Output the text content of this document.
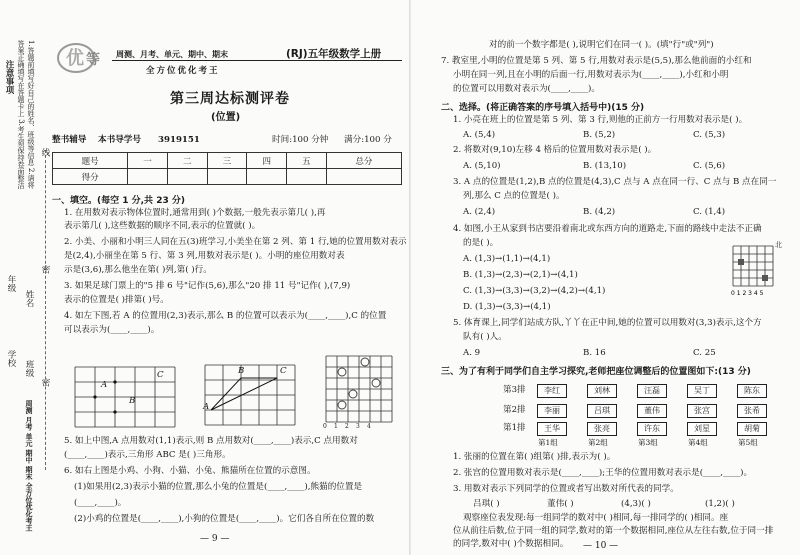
注意事项	1.答题前填写好自己的姓名、班级等信息 2.请将答案正确填写在答题卡上 3.考生须保持卷面整洁
年级
姓名
学校
班级
周测 月考 单元 期中 期末 全方位优化考王
线
密
密
优 等 周测、月考、单元、期中、期末
全方位优化考王
(RJ)五年级数学上册
第三周达标测评卷
(位置)
整书辅导 本书导学号 3919151	时间:100 分钟 满分:100 分
题号	一	二	三	四	五	总分
得分						
一、填空。(每空 1 分,共 23 分)
1. 在用数对表示物体位置时,通常用到( )个数据,一般先表示第几( ),再
表示第几( ),这些数据的顺序不同,表示的位置就( )。
2. 小美、小丽和小明三人同在五(3)班学习,小美坐在第 2 列、第 1 行,她的位置用数对表示
是(2,4),小丽坐在第 5 行、第 3 列,用数对表示是( )。小明的座位用数对表
示是(3,6),那么他坐在第( )列,第( )行。
3. 如果足球门票上的"5 排 6 号"记作(5,6),那么"20 排 11 号"记作( ),(7,9)
表示的位置是( )排第( )号。
4. 如左下图,若 A 的位置用(2,3)表示,那么 B 的位置可以表示为(____,____),C 的位置
可以表示为(____,____)。
A
B
C
A
B	C
0 1 2 3 4
5. 如上中图,A 点用数对(1,1)表示,则 B 点用数对(____,____)表示,C 点用数对
(____,____)表示,三角形 ABC 是( )三角形。
6. 如右上图是小鸡、小狗、小猫、小兔、熊猫所在位置的示意图。
(1)如果用(2,3)表示小猫的位置,那么小兔的位置是(____,____),熊猫的位置是
(____,____)。
(2)小鸡的位置是(____,____),小狗的位置是(____,____)。它们各自所在位置的数
— 9 —
对的前一个数字都是( ),说明它们在同一( )。(填"行"或"列")
7. 教室里,小明的位置是第 5 列、第 5 行,用数对表示是(5,5),那么他前面的小红和
小明在同一列,且在小明的后面一行,用数对表示为(____,____),小红和小明
的位置可以用数对表示为(____,____)。
二、选择。(将正确答案的序号填入括号中)(15 分)
1. 小亮在班上的位置是第 5 列、第 3 行,则他的正前方一行用数对表示是( )。
A. (5,4)	B. (5,2)	C. (5,3)
2. 将数对(9,10)左移 4 格后的位置用数对表示是( )。
A. (5,10)	B. (13,10)	C. (5,6)
3. A 点的位置是(1,2),B 点的位置是(4,3),C 点与 A 点在同一行、C 点与 B 点在同一
列,那么 C 点的位置是( )。
A. (2,4)	B. (4,2)	C. (1,4)
4. 如图,小王从家到书店要沿着南北或东西方向的道路走,下面的路线中走法不正确
的是( )。
A. (1,3)→(1,1)→(4,1)
B. (1,3)→(2,3)→(2,1)→(4,1)
C. (1,3)→(3,3)→(3,2)→(4,2)→(4,1)
D. (1,3)→(3,3)→(4,1)
0 1 2 3 4 5
北
5. 体育课上,同学们站成方队,丫丫在正中间,她的位置可以用数对(3,3)表示,这个方
队有( )人。
A. 9	B. 16	C. 25
三、为了有利于同学们自主学习探究,老师把座位调整后的位置图如下:(13 分)
第3排	李红	刘林	汪磊	吴丁	陈东
第2排	李丽	吕琪	董伟	张宫	张希
第1排	王华	张亮	许东	刘星	胡菊
第1组	第2组	第3组	第4组	第5组
1. 张丽的位置在第( )组第( )排,表示为( )。
2. 张宫的位置用数对表示是(____,____);王华的位置用数对表示是(____,____)。
3. 用数对表示下列同学的位置或者写出数对所代表的同学。
吕琪( )	董伟( )	(4,3)( )	(1,2)( )
观察座位表发现:每一组同学的数对中( )相同,每一排同学的( )相同。座
位从前往后数,位于同一组的同学,数对的第一个数据相同,座位从左往右数,位于同一排
的同学,数对中( )个数据相同。 — 10 —
